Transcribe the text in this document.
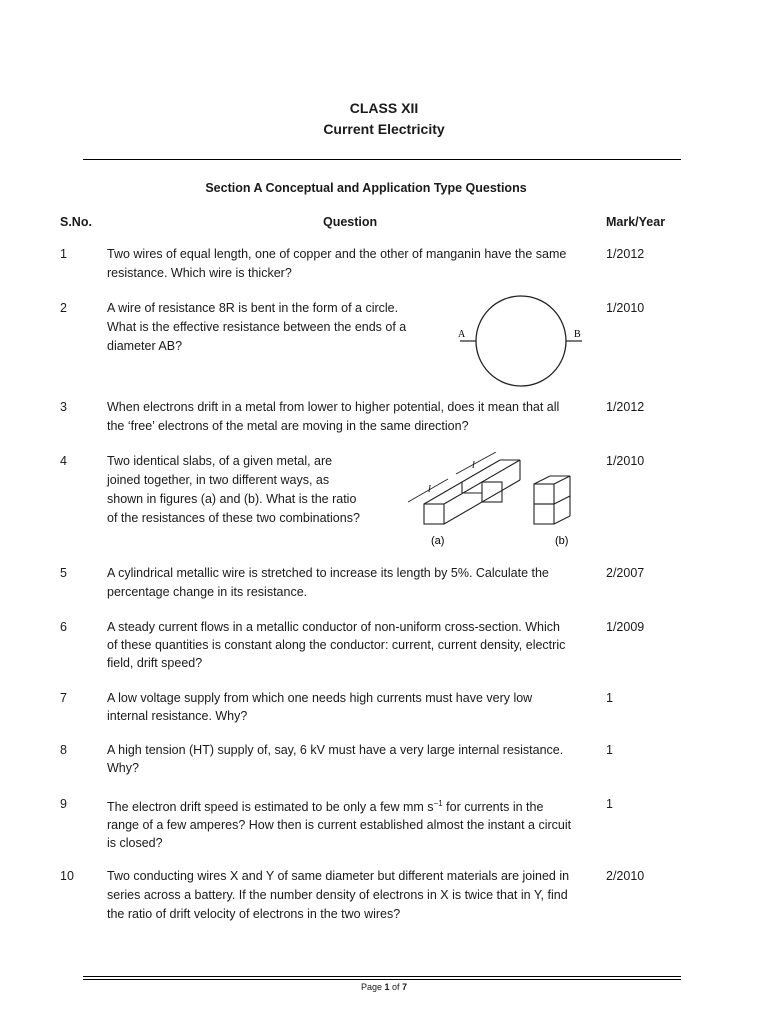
CLASS XII
Current Electricity
Section A Conceptual and Application Type Questions
S.No.	Question	Mark/Year
1	Two wires of equal length, one of copper and the other of manganin have the same
resistance. Which wire is thicker?
1/2012
2	A wire of resistance 8R is bent in the form of a circle.
What is the effective resistance between the ends of a
diameter AB?
1/2010
A	B
3	When electrons drift in a metal from lower to higher potential, does it mean that all
the ‘free’ electrons of the metal are moving in the same direction?
1/2012
4	Two identical slabs, of a given metal, are
joined together, in two different ways, as
shown in figures (a) and (b). What is the ratio
of the resistances of these two combinations?
1/2010
l
l
(a)	(b)
5	A cylindrical metallic wire is stretched to increase its length by 5%. Calculate the
percentage change in its resistance.
2/2007
6	A steady current flows in a metallic conductor of non-uniform cross-section. Which
of these quantities is constant along the conductor: current, current density, electric
field, drift speed?
1/2009
7	A low voltage supply from which one needs high currents must have very low
internal resistance. Why?
1
8	A high tension (HT) supply of, say, 6 kV must have a very large internal resistance.
Why?
1
9	The electron drift speed is estimated to be only a few mm $s^{-1}$ for currents in the
range of a few amperes? How then is current established almost the instant a circuit
is closed?
1
10	Two conducting wires X and Y of same diameter but different materials are joined in
series across a battery. If the number density of electrons in X is twice that in Y, find
the ratio of drift velocity of electrons in the two wires?
2/2010
Page 1 of 7
